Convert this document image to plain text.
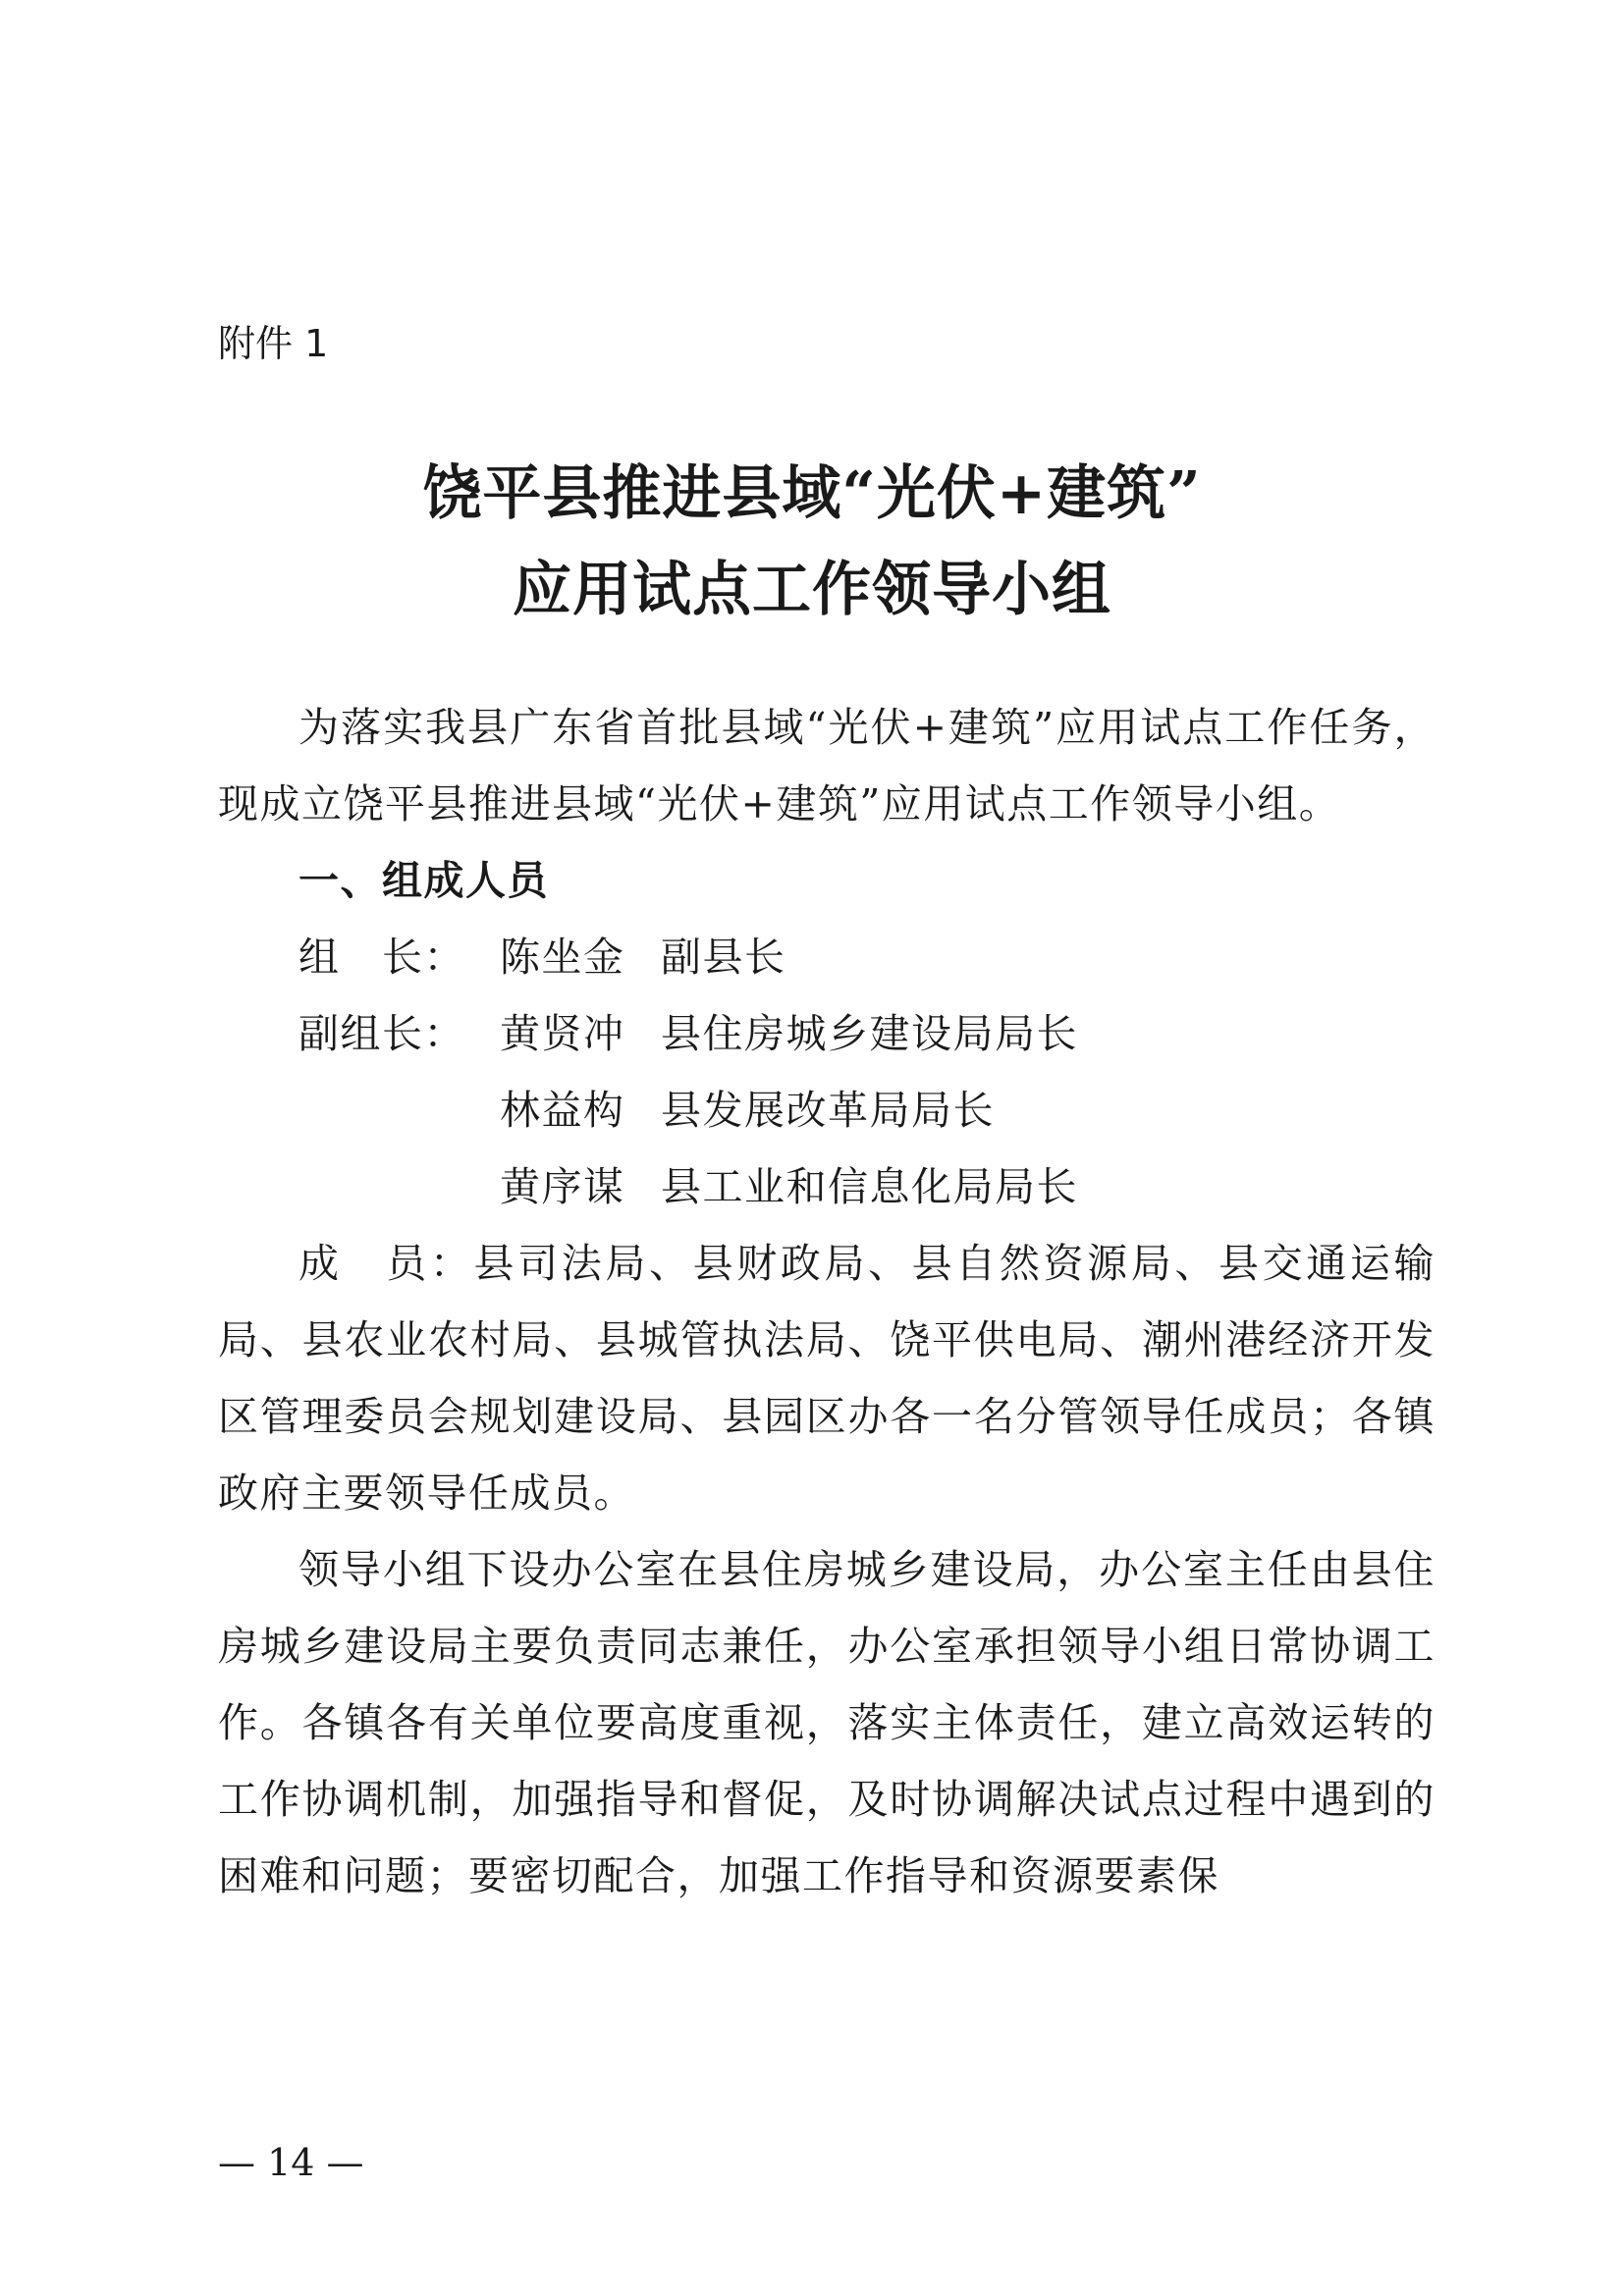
附件 1
饶平县推进县域“光伏+建筑”
应用试点工作领导小组

为落实我县广东省首批县域“光伏+建筑”应用试点工作任务，现成立饶平县推进县域“光伏+建筑”应用试点工作领导小组。

一、组成人员

组　长： 陈坐金 副县长
副组长： 黄贤冲 县住房城乡建设局局长
林益构 县发展改革局局长
黄序谋 县工业和信息化局局长

成　员：县司法局、县财政局、县自然资源局、县交通运输局、县农业农村局、县城管执法局、饶平供电局、潮州港经济开发区管理委员会规划建设局、县园区办各一名分管领导任成员；各镇政府主要领导任成员。

领导小组下设办公室在县住房城乡建设局，办公室主任由县住房城乡建设局主要负责同志兼任，办公室承担领导小组日常协调工作。各镇各有关单位要高度重视，落实主体责任，建立高效运转的工作协调机制，加强指导和督促，及时协调解决试点过程中遇到的困难和问题；要密切配合，加强工作指导和资源要素保

— 14 —
